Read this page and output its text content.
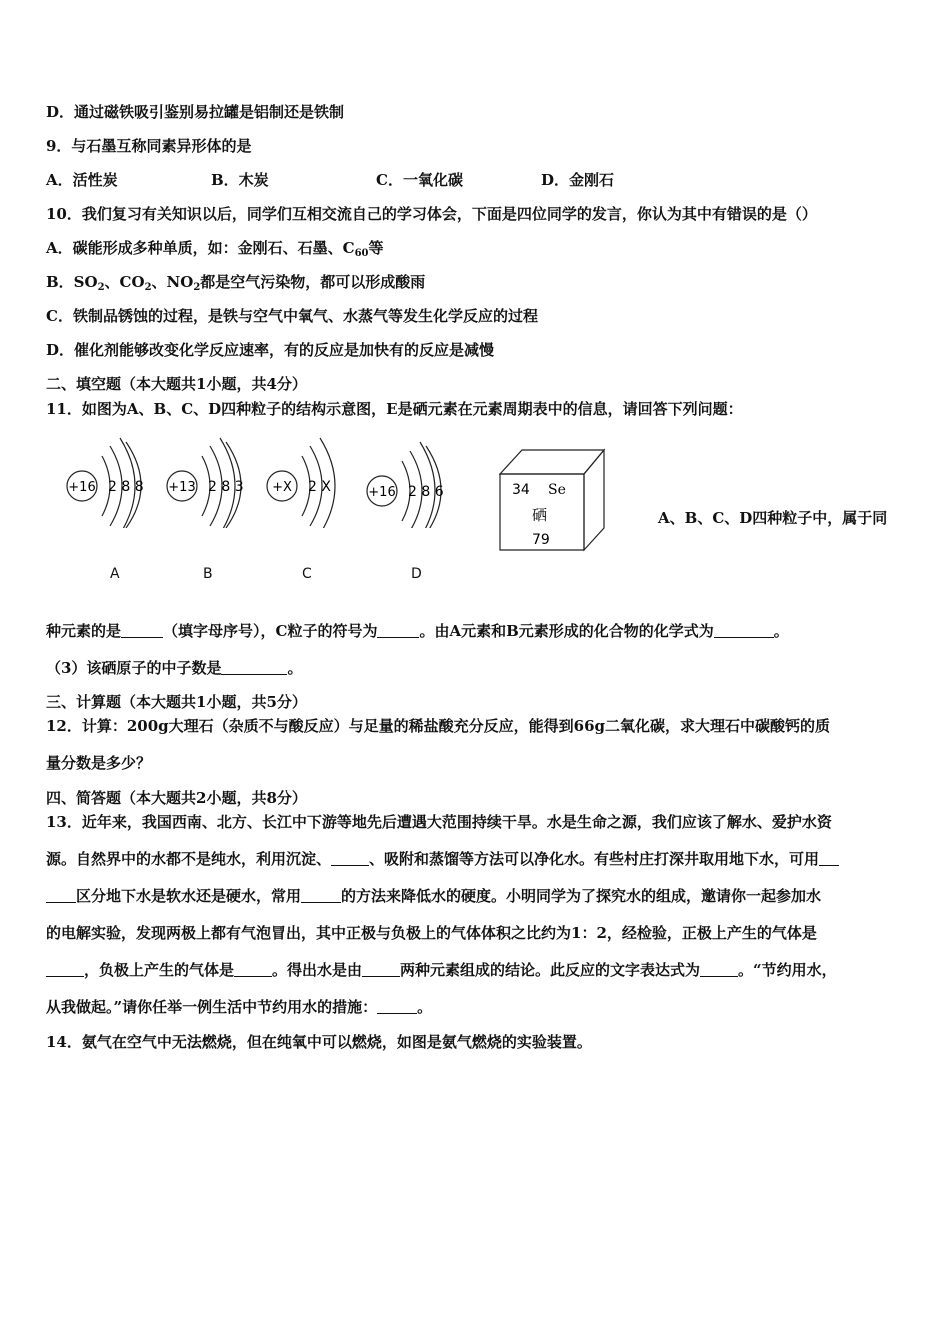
D．通过磁铁吸引鉴别易拉罐是铝制还是铁制
9．与石墨互称同素异形体的是
A．活性炭	B．木炭	C．一氧化碳	D．金刚石
10．我们复习有关知识以后，同学们互相交流自己的学习体会，下面是四位同学的发言，你认为其中有错误的是（）
A．碳能形成多种单质，如：金刚石、石墨、$C_{60}$等
B．$SO_2$、$CO_2$、$NO_2$都是空气污染物，都可以形成酸雨
C．铁制品锈蚀的过程，是铁与空气中氧气、水蒸气等发生化学反应的过程
D．催化剂能够改变化学反应速率，有的反应是加快有的反应是减慢
二、填空题（本大题共1小题，共4分）
11．如图为A、B、C、D四种粒子的结构示意图，E是硒元素在元素周期表中的信息，请回答下列问题：
+16 2 8 8 +13 2 8 3 +X 2 X	+16 2 8 6
A	B	C	D
34 Se
硒
79
A、B、C、D四种粒子中，属于同
种元素的是	（填字母序号），C粒子的符号为	。由A元素和B元素形成的化合物的化学式为	。
（3）该硒原子的中子数是	。
三、计算题（本大题共1小题，共5分）
12．计算：200g大理石（杂质不与酸反应）与足量的稀盐酸充分反应，能得到66g二氧化碳，求大理石中碳酸钙的质
量分数是多少？
四、简答题（本大题共2小题，共8分）
13．近年来，我国西南、北方、长江中下游等地先后遭遇大范围持续干旱。水是生命之源，我们应该了解水、爱护水资
源。自然界中的水都不是纯水，利用沉淀、	、吸附和蒸馏等方法可以净化水。有些村庄打深井取用地下水，可用
区分地下水是软水还是硬水，常用	的方法来降低水的硬度。小明同学为了探究水的组成，邀请你一起参加水
的电解实验，发现两极上都有气泡冒出，其中正极与负极上的气体体积之比约为1：2，经检验，正极上产生的气体是
，负极上产生的气体是	。得出水是由	两种元素组成的结论。此反应的文字表达式为	。“节约用水，
从我做起。”请你任举一例生活中节约用水的措施：	。
14．氨气在空气中无法燃烧，但在纯氧中可以燃烧，如图是氨气燃烧的实验装置。
